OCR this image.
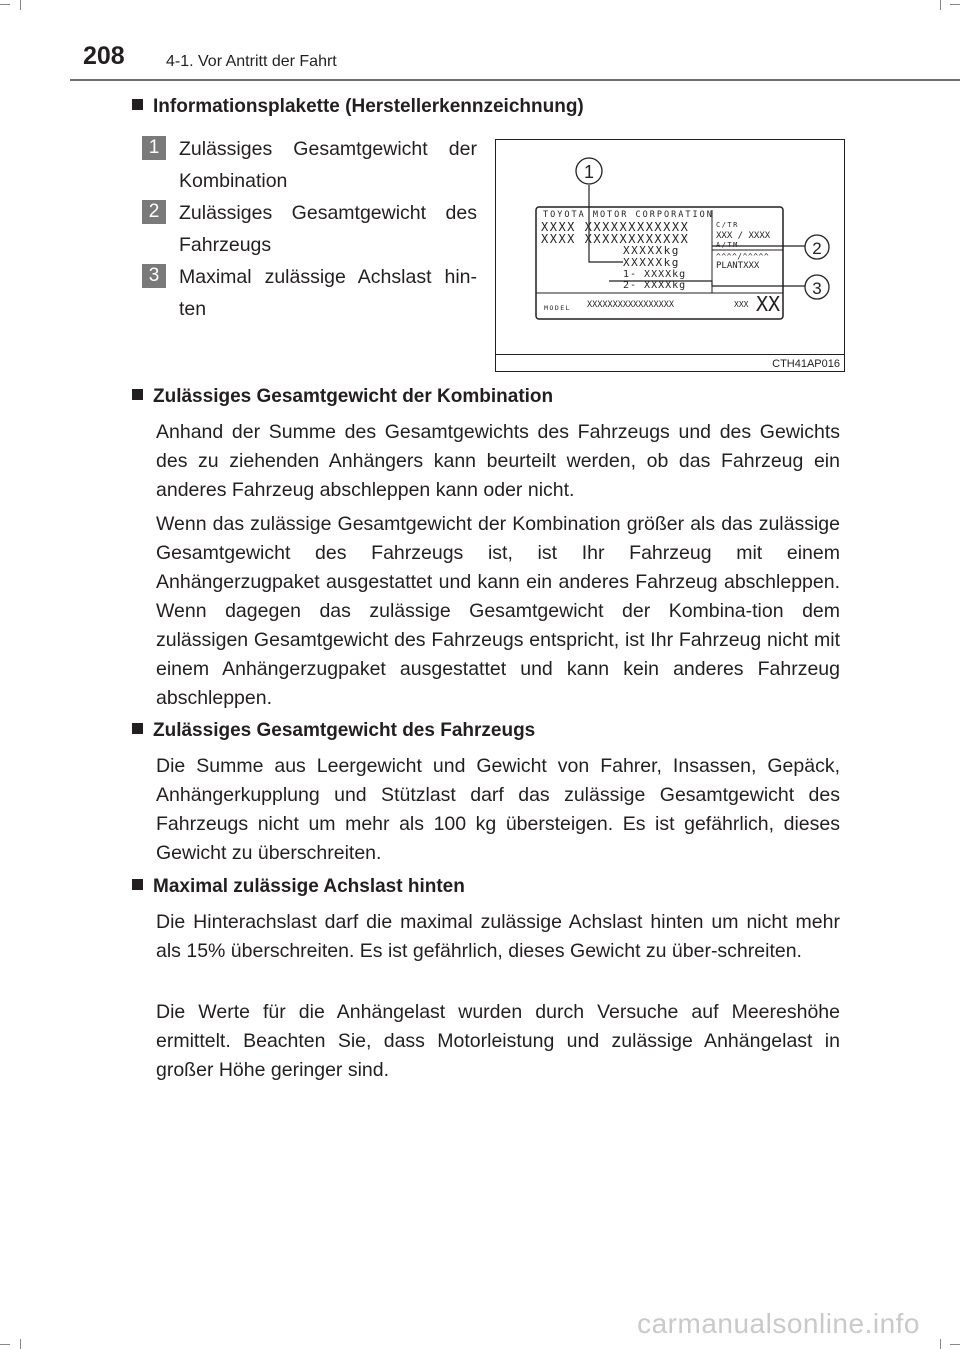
208	4-1. Vor Antritt der Fahrt
Informationsplakette (Herstellerkennzeichnung)
1	Zulässiges Gesamtgewicht der Kombination
2	Zulässiges Gesamtgewicht des Fahrzeugs
3	Maximal zulässige Achslast hin-ten
TOYOTA MOTOR CORPORATION
XXXX XXXXXXXXXXXX
XXXX XXXXXXXXXXXX
XXXXXkg
XXXXXkg
1- XXXXkg
2- XXXXkg
C/TR
XXX / XXXX
A/TM
^^^^/^^^^^
PLANTXXX
MODEL XXXXXXXXXXXXXXXXX	XXX XX
1
2
3
CTH41AP016
Zulässiges Gesamtgewicht der Kombination
Anhand der Summe des Gesamtgewichts des Fahrzeugs und des Gewichts des zu ziehenden Anhängers kann beurteilt werden, ob das Fahrzeug ein anderes Fahrzeug abschleppen kann oder nicht.
Wenn das zulässige Gesamtgewicht der Kombination größer als das zulässige Gesamtgewicht des Fahrzeugs ist, ist Ihr Fahrzeug mit einem Anhängerzugpaket ausgestattet und kann ein anderes Fahrzeug abschleppen. Wenn dagegen das zulässige Gesamtgewicht der Kombina-tion dem zulässigen Gesamtgewicht des Fahrzeugs entspricht, ist Ihr Fahrzeug nicht mit einem Anhängerzugpaket ausgestattet und kann kein anderes Fahrzeug abschleppen.
Zulässiges Gesamtgewicht des Fahrzeugs
Die Summe aus Leergewicht und Gewicht von Fahrer, Insassen, Gepäck, Anhängerkupplung und Stützlast darf das zulässige Gesamtgewicht des Fahrzeugs nicht um mehr als 100 kg übersteigen. Es ist gefährlich, dieses Gewicht zu überschreiten.
Maximal zulässige Achslast hinten
Die Hinterachslast darf die maximal zulässige Achslast hinten um nicht mehr als 15% überschreiten. Es ist gefährlich, dieses Gewicht zu über-schreiten.
Die Werte für die Anhängelast wurden durch Versuche auf Meereshöhe ermittelt. Beachten Sie, dass Motorleistung und zulässige Anhängelast in großer Höhe geringer sind.
carmanualsonline.info
